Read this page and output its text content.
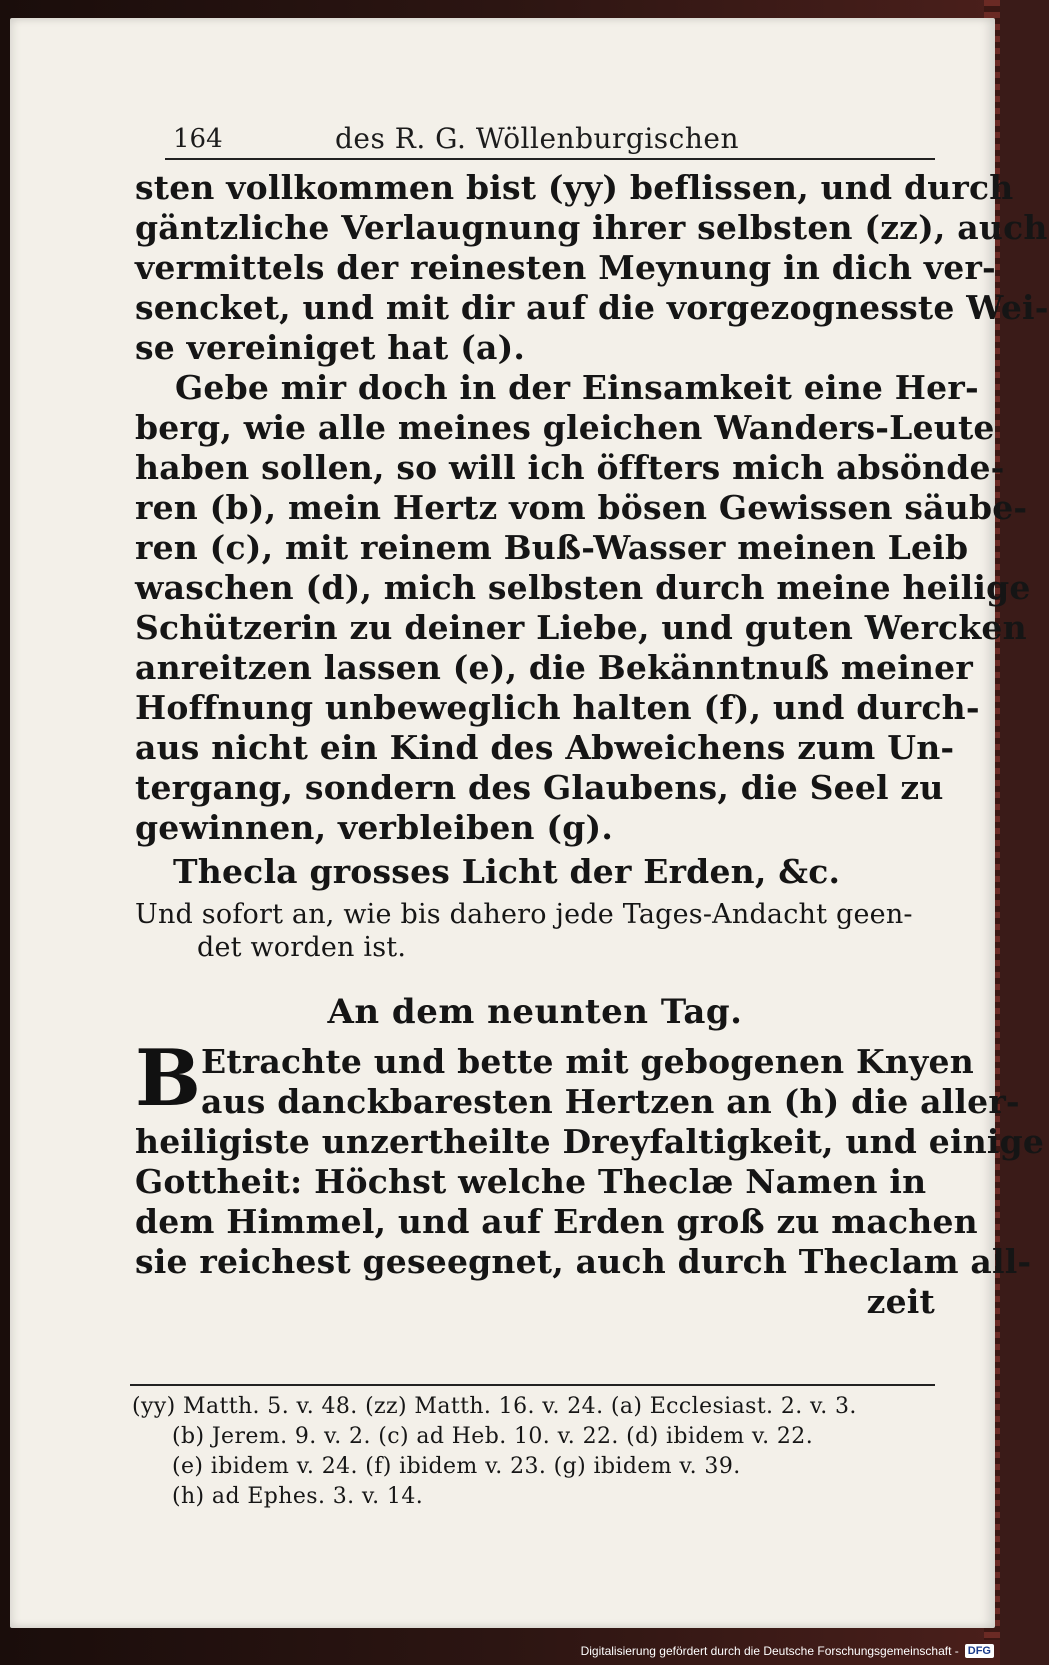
164	des R. G. Wöllenburgischen
sten vollkommen bist (yy) beflissen, und durch
gäntzliche Verlaugnung ihrer selbsten (zz), auch
vermittels der reinesten Meynung in dich ver-
sencket, und mit dir auf die vorgezognesste Wei-
se vereiniget hat (a).
Gebe mir doch in der Einsamkeit eine Her-
berg, wie alle meines gleichen Wanders-Leute
haben sollen, so will ich öffters mich absönde-
ren (b), mein Hertz vom bösen Gewissen säube-
ren (c), mit reinem Buß-Wasser meinen Leib
waschen (d), mich selbsten durch meine heilige
Schützerin zu deiner Liebe, und guten Wercken
anreitzen lassen (e), die Bekänntnuß meiner
Hoffnung unbeweglich halten (f), und durch-
aus nicht ein Kind des Abweichens zum Un-
tergang, sondern des Glaubens, die Seel zu
gewinnen, verbleiben (g).
Thecla grosses Licht der Erden, &c.
Und sofort an, wie bis dahero jede Tages-Andacht geen-
det worden ist.
An dem neunten Tag.
B Etrachte und bette mit gebogenen Knyen
aus danckbaresten Hertzen an (h) die aller-
heiligiste unzertheilte Dreyfaltigkeit, und einige
Gottheit: Höchst welche Theclæ Namen in
dem Himmel, und auf Erden groß zu machen
sie reichest geseegnet, auch durch Theclam all-
zeit
(yy) Matth. 5. v. 48. (zz) Matth. 16. v. 24. (a) Ecclesiast. 2. v. 3.
(b) Jerem. 9. v. 2. (c) ad Heb. 10. v. 22. (d) ibidem v. 22.
(e) ibidem v. 24. (f) ibidem v. 23. (g) ibidem v. 39.
(h) ad Ephes. 3. v. 14.
Digitalisierung gefördert durch die Deutsche Forschungsgemeinschaft - DFG
